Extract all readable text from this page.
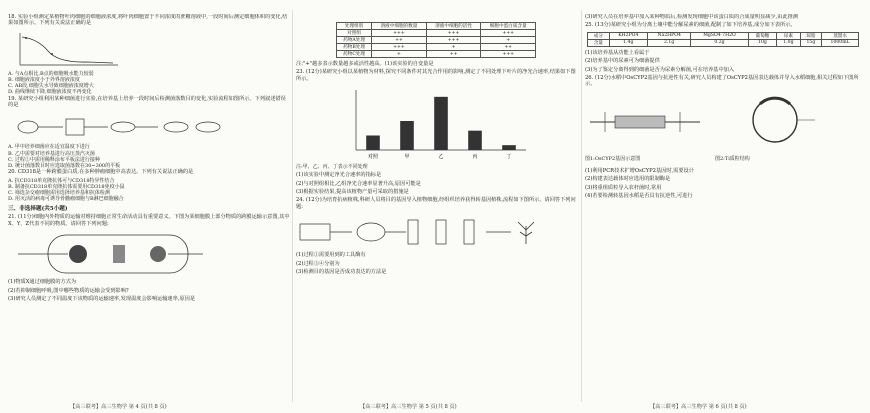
18. 实验小组测定某植物叶肉细胞的细胞液浓度,将叶肉细胞置于不同浓度的蔗糖溶液中,一段时间后测定细胞体积的变化,结果如图所示。下列有关说法正确的是

A. 与A点相比,B点的细胞吸水能力较弱

B. 细胞液浓度小于外界溶液浓度

C. AB段,细胞失水导致细胞液浓度增大

D. 曲线继续下降,细胞液浓度不再变化

19. 某研究小组利用某种细菌进行实验,在培养基上培养一段时间后检测菌落数目的变化,实验流程如图所示。下列叙述错误的是

A. 甲中培养细菌应在适宜温度下进行

B. 乙中需要对培养基进行高压蒸汽灭菌

C. 过程②中需用稀释涂布平板法进行接种

D. 统计菌落数目时应选取菌落数在30~300的平板

20. CD318是一种跨膜蛋白质,在多种肿瘤细胞中高表达。下列有关说法正确的是

A. 抗CD318单克隆抗体可与CD318特异性结合

B. 制备抗CD318单克隆抗体需要用CD318免疫小鼠

C. 筛选杂交瘤细胞需用选择培养基和抗体检测

D. 用灭活的病毒可诱导骨髓瘤细胞与B淋巴细胞融合

三、非选择题(共5小题)

21. (11分)细胞内外物质的运输对维持细胞正常生命活动具有重要意义。下图为某细胞膜上部分物质的跨膜运输示意图,其中X、Y、Z代表不同的物质。请回答下列问题:

(1)物质X通过细胞膜的方式为

(2)若抑制细胞呼吸,图中哪些物质的运输会受到影响?

(3)研究人员测定了不同温度下该物质的运输速率,发现温度会影响运输速率,原因是

处理组别	溶液中细胞的数量	溶液中细胞的活性	细胞中蛋白质含量
对照组	+++	+++	+++
药物A处理	++	+++	+
药物B处理	+++	+	++
药物C处理	+	++	+++

注:"+"越多表示数量越多或活性越高。(1)该实验的自变量是

23. (12分)某研究小组以某植物为材料,探究不同条件对其光合作用的影响,测定了不同处理下叶片的净光合速率,结果如下图所示。

对照	甲	乙	丙	丁

注:甲、乙、丙、丁表示不同处理

(1)该实验中测定净光合速率的指标是

(2)与对照组相比,乙组净光合速率显著升高,原因可能是

(3)根据实验结果,提高该植物产量可采取的措施是

24. (12分)为培育抗病植株,科研人员将目的基因导入植物细胞,经组织培养获得转基因植株,流程如下图所示。请回答下列问题:

(1)过程①需要用到的工具酶有

(2)过程③④分别为

(3)检测目的基因是否成功表达的方法是

(3)研究人员在培养基中加入某种物质后,检测发现细胞中该蛋白质的合成量明显减少,由此推测

25. (13分)某研究小组为分离土壤中能分解尿素的细菌,配制了如下培养基,成分如下表所示。

成分	KH2PO4	Na2HPO4	MgSO4·7H2O	葡萄糖	尿素	琼脂	蒸馏水
含量	1.4g	2.1g	0.2g	10g	1.0g	15g	1000mL

(1)该培养基从功能上看属于

(2)培养基中的尿素可为细菌提供

(3)为了鉴定分离得到的细菌是否为尿素分解菌,可在培养基中加入

26. (12分)水稻中OsCYP2基因与抗逆性有关,研究人员构建了OsCYP2基因表达载体并导入水稻细胞,相关过程如下图所示。

图1:OsCYP2基因示意图	图2:Ti质粒结构

(1)利用PCR技术扩增OsCYP2基因时,需要设计

(2)构建表达载体时应选用的限制酶是

(3)将重组质粒导入农杆菌时,常用

(4)若要检测转基因水稻是否具有抗逆性,可进行

【高三联考】高三生物学 第 4 页(共 8 页)	【高三联考】高三生物学 第 5 页(共 8 页)	【高三联考】高三生物学 第 6 页(共 8 页)
